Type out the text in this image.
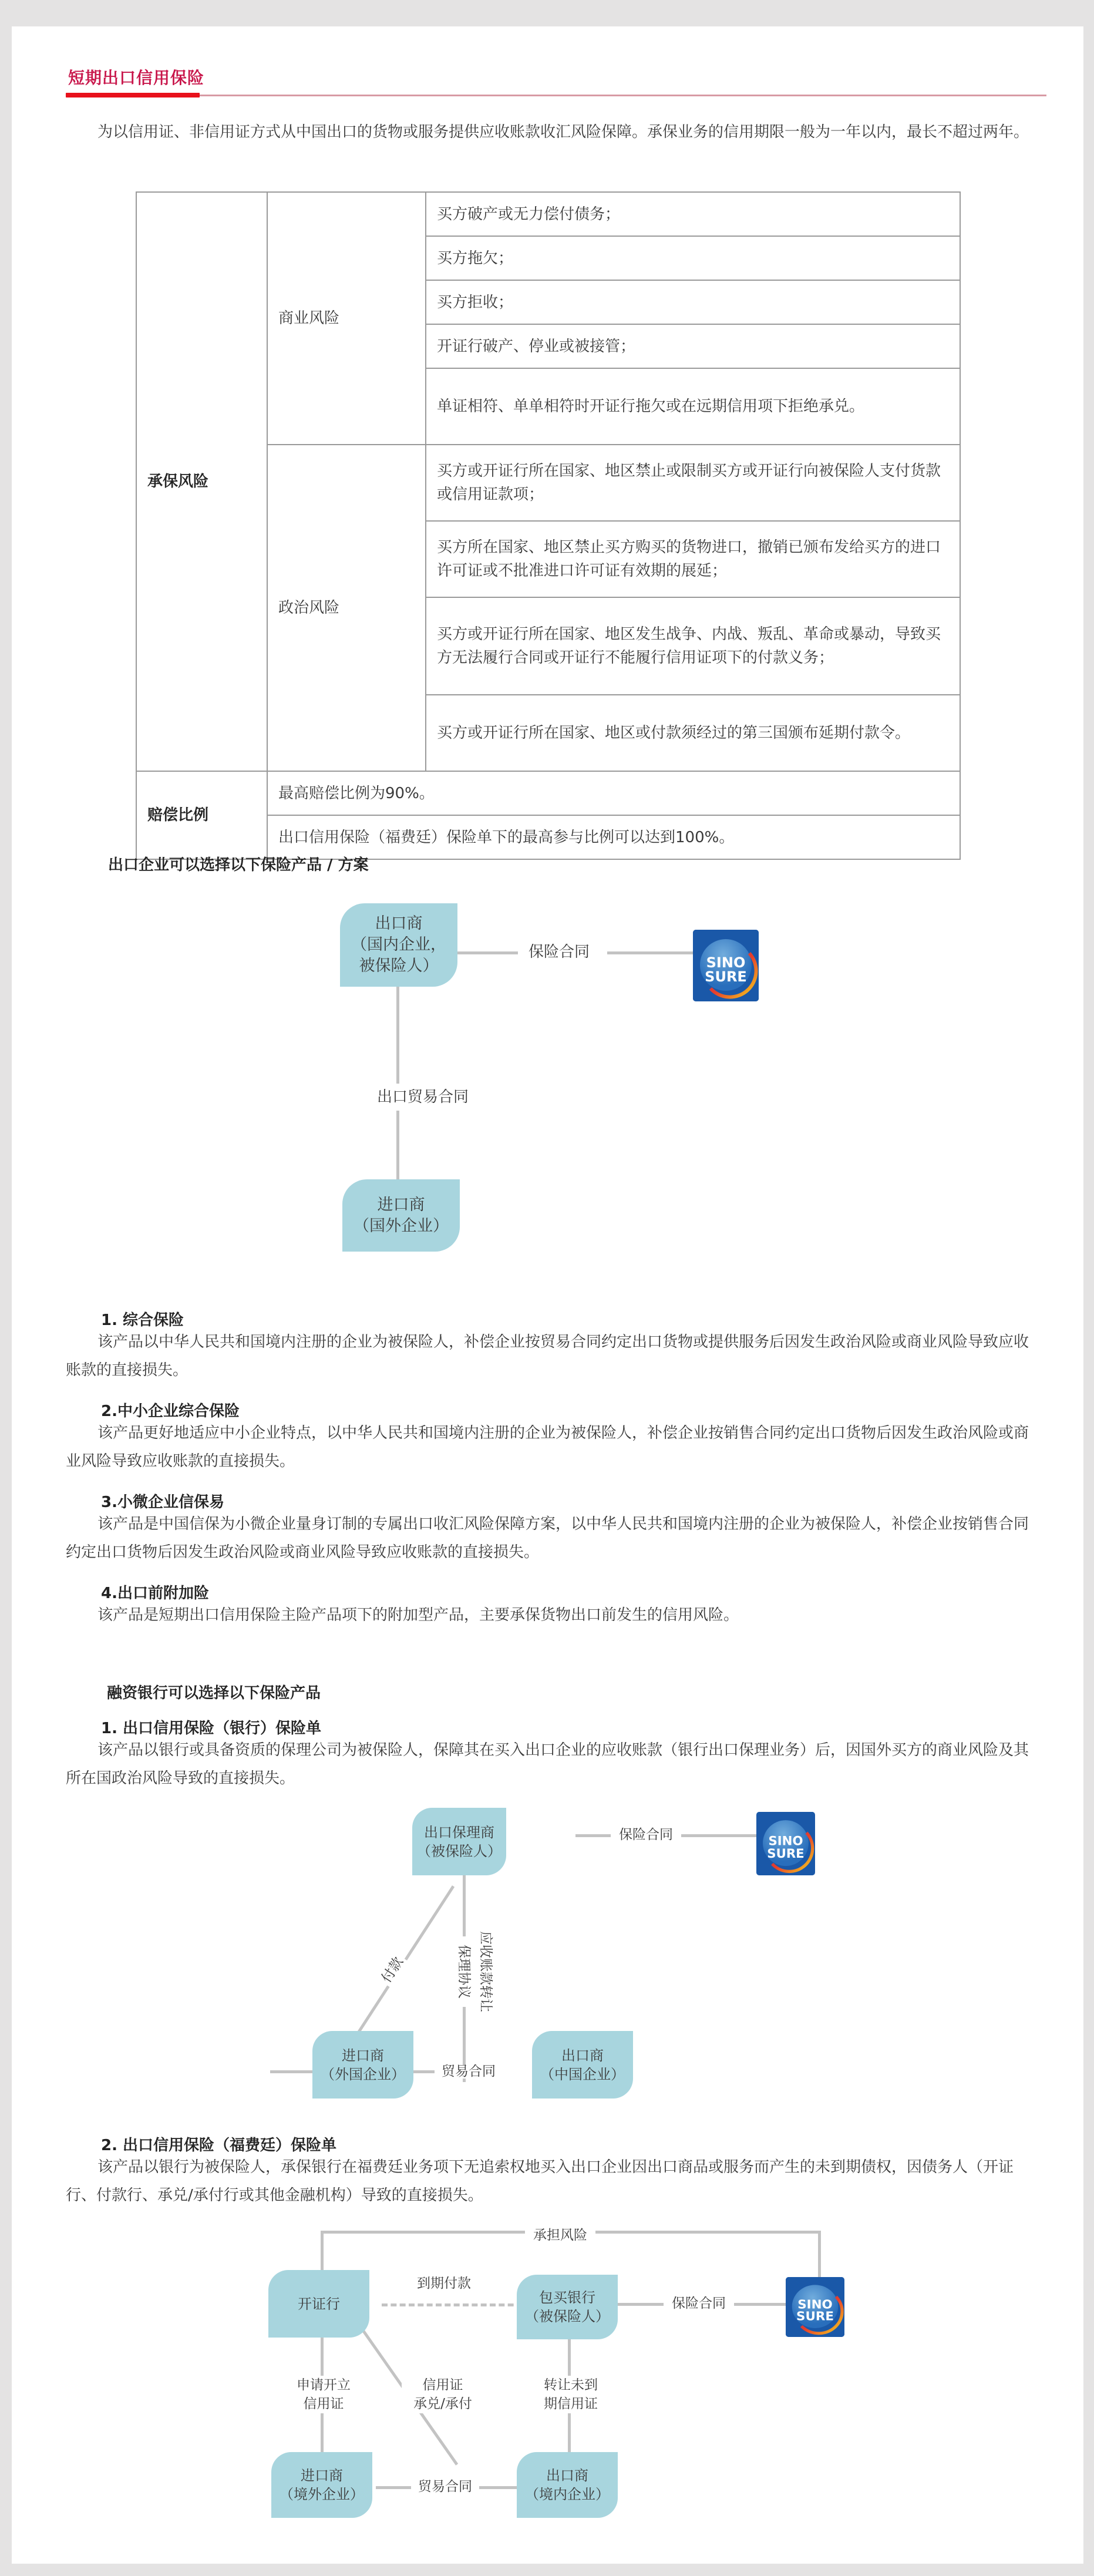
短期出口信用保险

为以信用证、非信用证方式从中国出口的货物或服务提供应收账款收汇风险保障。承保业务的信用期限一般为一年以内，最长不超过两年。

承保风险	商业风险	买方破产或无力偿付债务；
		买方拖欠；
		买方拒收；
		开证行破产、停业或被接管；
		单证相符、单单相符时开证行拖欠或在远期信用项下拒绝承兑。
	政治风险	买方或开证行所在国家、地区禁止或限制买方或开证行向被保险人支付货款或信用证款项；
		买方所在国家、地区禁止买方购买的货物进口，撤销已颁布发给买方的进口许可证或不批准进口许可证有效期的展延；
		买方或开证行所在国家、地区发生战争、内战、叛乱、革命或暴动，导致买方无法履行合同或开证行不能履行信用证项下的付款义务；
		买方或开证行所在国家、地区或付款须经过的第三国颁布延期付款令。
赔偿比例	最高赔偿比例为90%。	
	出口信用保险（福费廷）保险单下的最高参与比例可以达到100%。	
出口企业可以选择以下保险产品 / 方案
出口商
（国内企业，
被保险人）
保险合同
SINO
SURE
出口贸易合同
进口商
（国外企业）
1. 综合保险

该产品以中华人民共和国境内注册的企业为被保险人，补偿企业按贸易合同约定出口货物或提供服务后因发生政治风险或商业风险导致应收账款的直接损失。

2.中小企业综合保险

该产品更好地适应中小企业特点，以中华人民共和国境内注册的企业为被保险人，补偿企业按销售合同约定出口货物后因发生政治风险或商业风险导致应收账款的直接损失。

3.小微企业信保易

该产品是中国信保为小微企业量身订制的专属出口收汇风险保障方案，以中华人民共和国境内注册的企业为被保险人，补偿企业按销售合同约定出口货物后因发生政治风险或商业风险导致应收账款的直接损失。

4.出口前附加险

该产品是短期出口信用保险主险产品项下的附加型产品，主要承保货物出口前发生的信用风险。

融资银行可以选择以下保险产品
1. 出口信用保险（银行）保险单

该产品以银行或具备资质的保理公司为被保险人，保障其在买入出口企业的应收账款（银行出口保理业务）后，因国外买方的商业风险及其所在国政治风险导致的直接损失。

出口保理商
（被保险人）
保险合同	SINO
SURE
付款	保理协议 应收账款转让
进口商
（外国企业）	贸易合同
出口商
（中国企业）
2. 出口信用保险（福费廷）保险单

该产品以银行为被保险人，承保银行在福费廷业务项下无追索权地买入出口企业因出口商品或服务而产生的未到期债权，因债务人（开证行、付款行、承兑/承付行或其他金融机构）导致的直接损失。

承担风险
到期付款
保险合同
开证行	包买银行
（被保险人）
SINO
SURE
申请开立
信用证
信用证
承兑/承付
转让未到
期信用证
进口商
（境外企业）	贸易合同
出口商
（境内企业）
